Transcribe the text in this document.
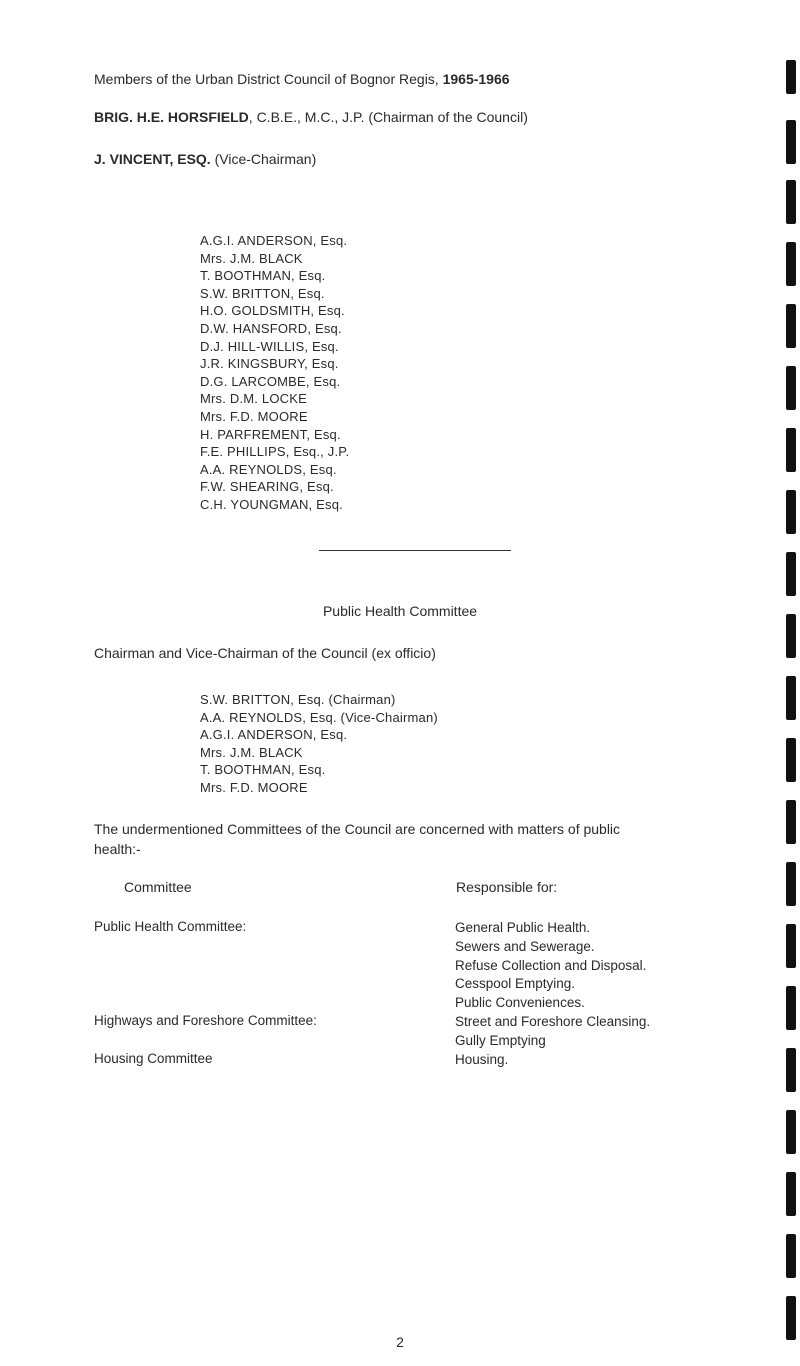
Members of the Urban District Council of Bognor Regis, 1965-1966
BRIG. H.E. HORSFIELD, C.B.E., M.C., J.P. (Chairman of the Council)
J. VINCENT, ESQ. (Vice-Chairman)
A.G.I. ANDERSON, Esq.
Mrs. J.M. BLACK
T. BOOTHMAN, Esq.
S.W. BRITTON, Esq.
H.O. GOLDSMITH, Esq.
D.W. HANSFORD, Esq.
D.J. HILL-WILLIS, Esq.
J.R. KINGSBURY, Esq.
D.G. LARCOMBE, Esq.
Mrs. D.M. LOCKE
Mrs. F.D. MOORE
H. PARFREMENT, Esq.
F.E. PHILLIPS, Esq., J.P.
A.A. REYNOLDS, Esq.
F.W. SHEARING, Esq.
C.H. YOUNGMAN, Esq.
Public Health Committee
Chairman and Vice-Chairman of the Council (ex officio)
S.W. BRITTON, Esq. (Chairman)
A.A. REYNOLDS, Esq. (Vice-Chairman)
A.G.I. ANDERSON, Esq.
Mrs. J.M. BLACK
T. BOOTHMAN, Esq.
Mrs. F.D. MOORE
The undermentioned Committees of the Council are concerned with matters of public health:-
Committee	Responsible for:
Public Health Committee:	General Public Health.
Sewers and Sewerage.
Refuse Collection and Disposal.
Cesspool Emptying.
Public Conveniences.
Highways and Foreshore Committee:	Street and Foreshore Cleansing.
Gully Emptying
Housing Committee	Housing.
2
